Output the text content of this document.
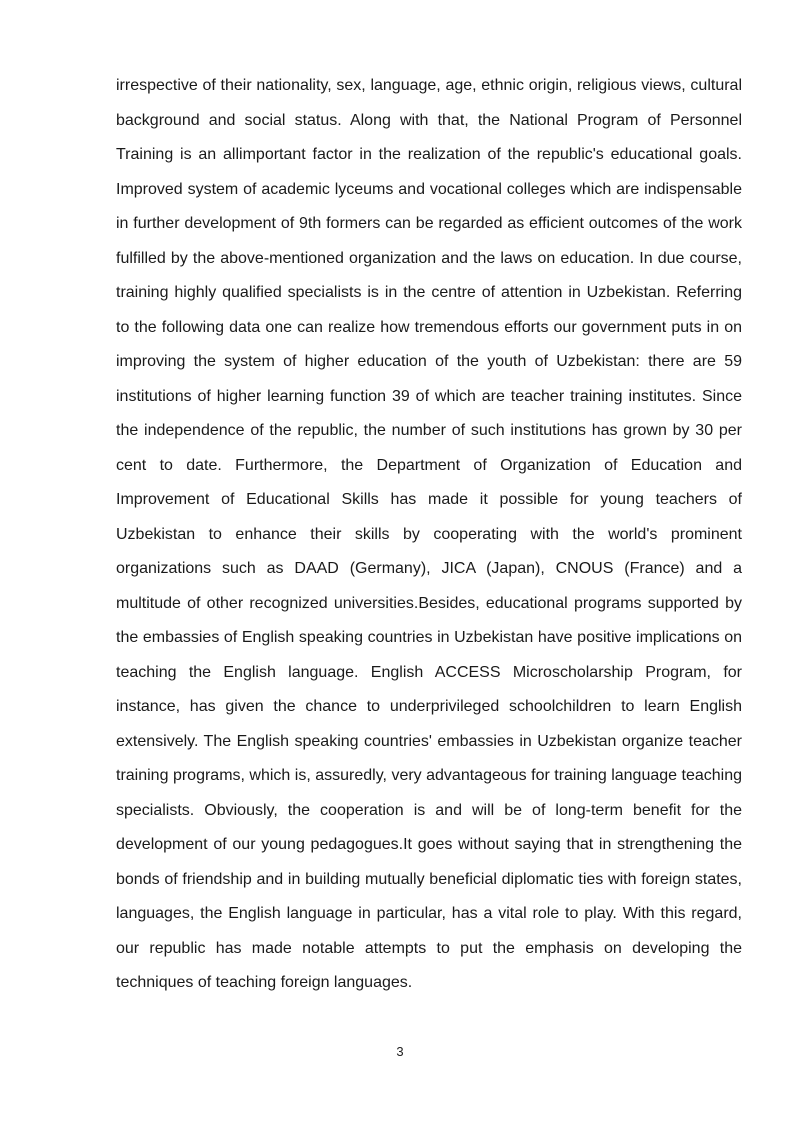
irrespective of their nationality, sex, language, age, ethnic origin, religious views, cultural background and social status. Along with that, the National Program of Personnel Training is an allimportant factor in the realization of the republic's educational goals. Improved system of academic lyceums and vocational colleges which are indispensable in further development of 9th formers can be regarded as efficient outcomes of the work fulfilled by the above-mentioned organization and the laws on education. In due course, training highly qualified specialists is in the centre of attention in Uzbekistan. Referring to the following data one can realize how tremendous efforts our government puts in on improving the system of higher education of the youth of Uzbekistan: there are 59 institutions of higher learning function 39 of which are teacher training institutes. Since the independence of the republic, the number of such institutions has grown by 30 per cent to date. Furthermore, the Department of Organization of Education and Improvement of Educational Skills has made it possible for young teachers of Uzbekistan to enhance their skills by cooperating with the world's prominent organizations such as DAAD (Germany), JICA (Japan), CNOUS (France) and a multitude of other recognized universities.Besides, educational programs supported by the embassies of English speaking countries in Uzbekistan have positive implications on teaching the English language. English ACCESS Microscholarship Program, for instance, has given the chance to underprivileged schoolchildren to learn English extensively. The English speaking countries' embassies in Uzbekistan organize teacher training programs, which is, assuredly, very advantageous for training language teaching specialists. Obviously, the cooperation is and will be of long-term benefit for the development of our young pedagogues.It goes without saying that in strengthening the bonds of friendship and in building mutually beneficial diplomatic ties with foreign states, languages, the English language in particular, has a vital role to play. With this regard, our republic has made notable attempts to put the emphasis on developing the techniques of teaching foreign languages.

3
